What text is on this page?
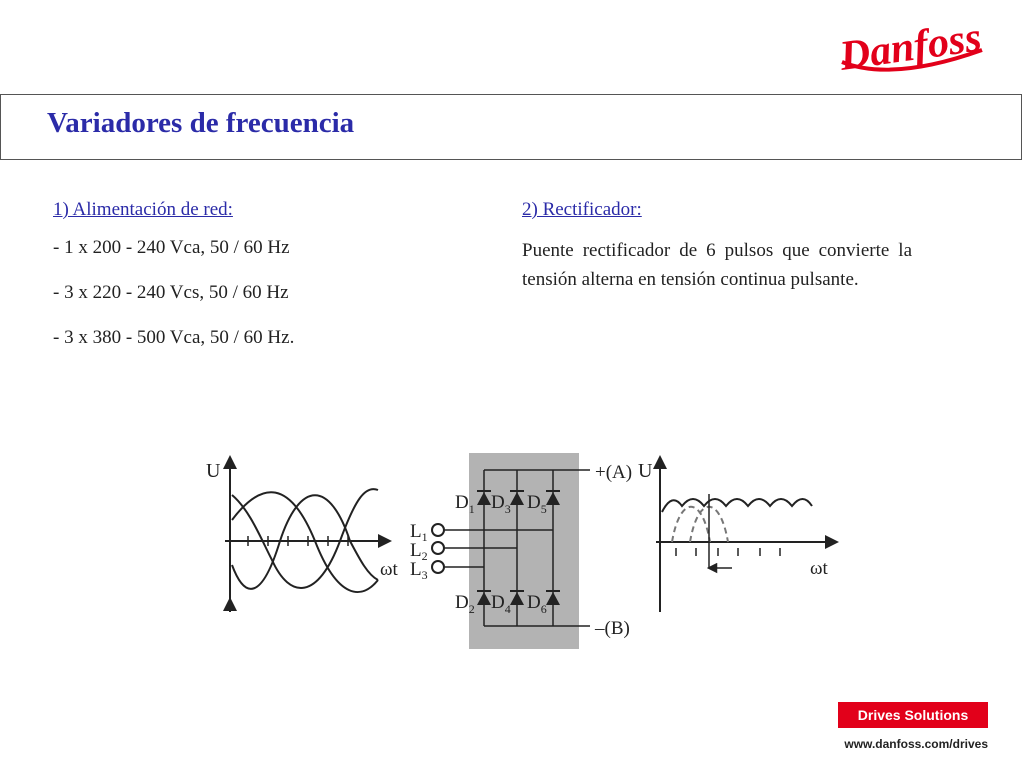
Danfoss
Variadores de frecuencia
1) Alimentación de red:
- 1 x 200 - 240 Vca, 50 / 60 Hz
- 3 x 220 - 240 Vcs, 50 / 60 Hz
- 3 x 380 - 500 Vca, 50 / 60 Hz.
2) Rectificador:
Puente rectificador de 6 pulsos que convierte la tensión alterna en tensión continua pulsante.
U
ωt
$D_1$ $D_3$ $D_5$
$D_2$ $D_4$ $D_6$
$L_1$
$L_2$
$L_3$
+(A)
–(B)
U
ωt
Drives Solutions
www.danfoss.com/drives
